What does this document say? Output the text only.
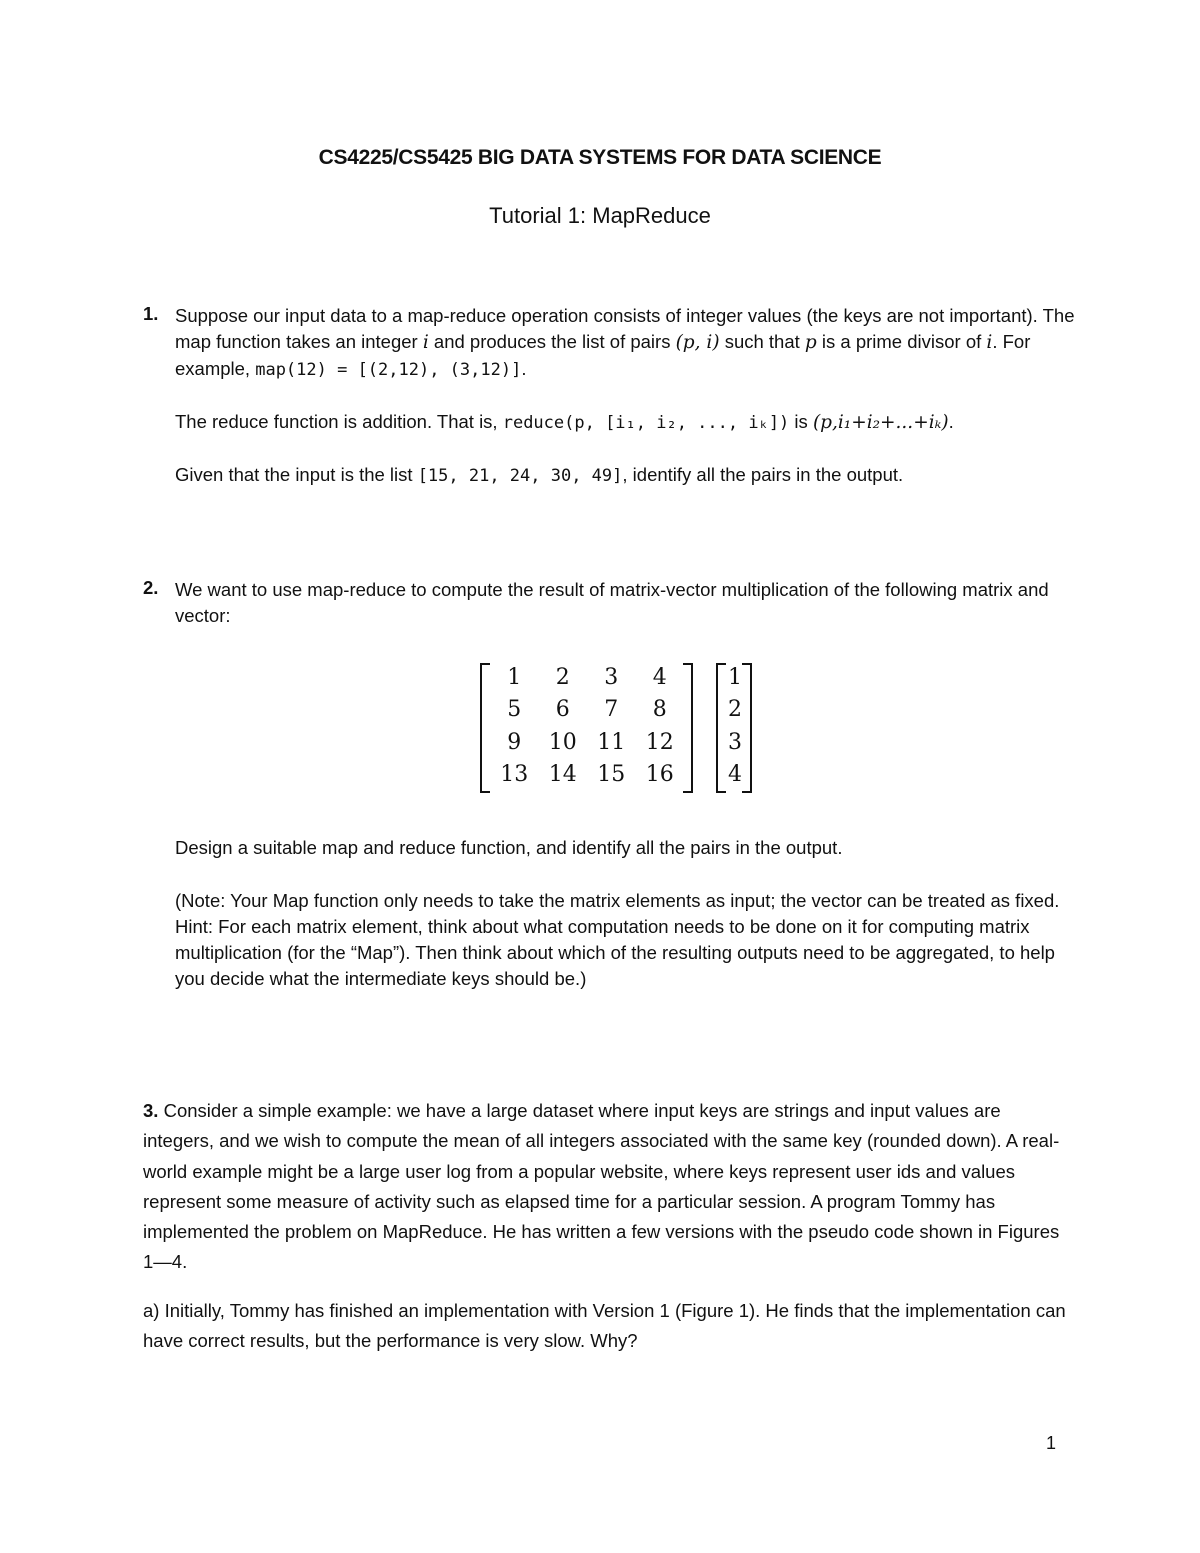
CS4225/CS5425 BIG DATA SYSTEMS FOR DATA SCIENCE
Tutorial 1: MapReduce
1. Suppose our input data to a map-reduce operation consists of integer values (the keys are not important). The map function takes an integer i and produces the list of pairs (p, i) such that p is a prime divisor of i. For example, map(12) = [(2,12), (3,12)].
The reduce function is addition. That is, reduce(p, [i₁, i₂, ..., iₖ]) is (p,i₁+i₂+...+iₖ).
Given that the input is the list [15, 21, 24, 30, 49], identify all the pairs in the output.
2. We want to use map-reduce to compute the result of matrix-vector multiplication of the following matrix and vector:
1	2	3	4
5	6	7	8
9	10	11	12
13	14	15	16
1
2
3
4
Design a suitable map and reduce function, and identify all the pairs in the output.
(Note: Your Map function only needs to take the matrix elements as input; the vector can be treated as fixed. Hint: For each matrix element, think about what computation needs to be done on it for computing matrix multiplication (for the “Map”). Then think about which of the resulting outputs need to be aggregated, to help you decide what the intermediate keys should be.)
3. Consider a simple example: we have a large dataset where input keys are strings and input values are integers, and we wish to compute the mean of all integers associated with the same key (rounded down). A real-world example might be a large user log from a popular website, where keys represent user ids and values represent some measure of activity such as elapsed time for a particular session. A program Tommy has implemented the problem on MapReduce. He has written a few versions with the pseudo code shown in Figures 1—4.
a) Initially, Tommy has finished an implementation with Version 1 (Figure 1). He finds that the implementation can have correct results, but the performance is very slow. Why?
1
